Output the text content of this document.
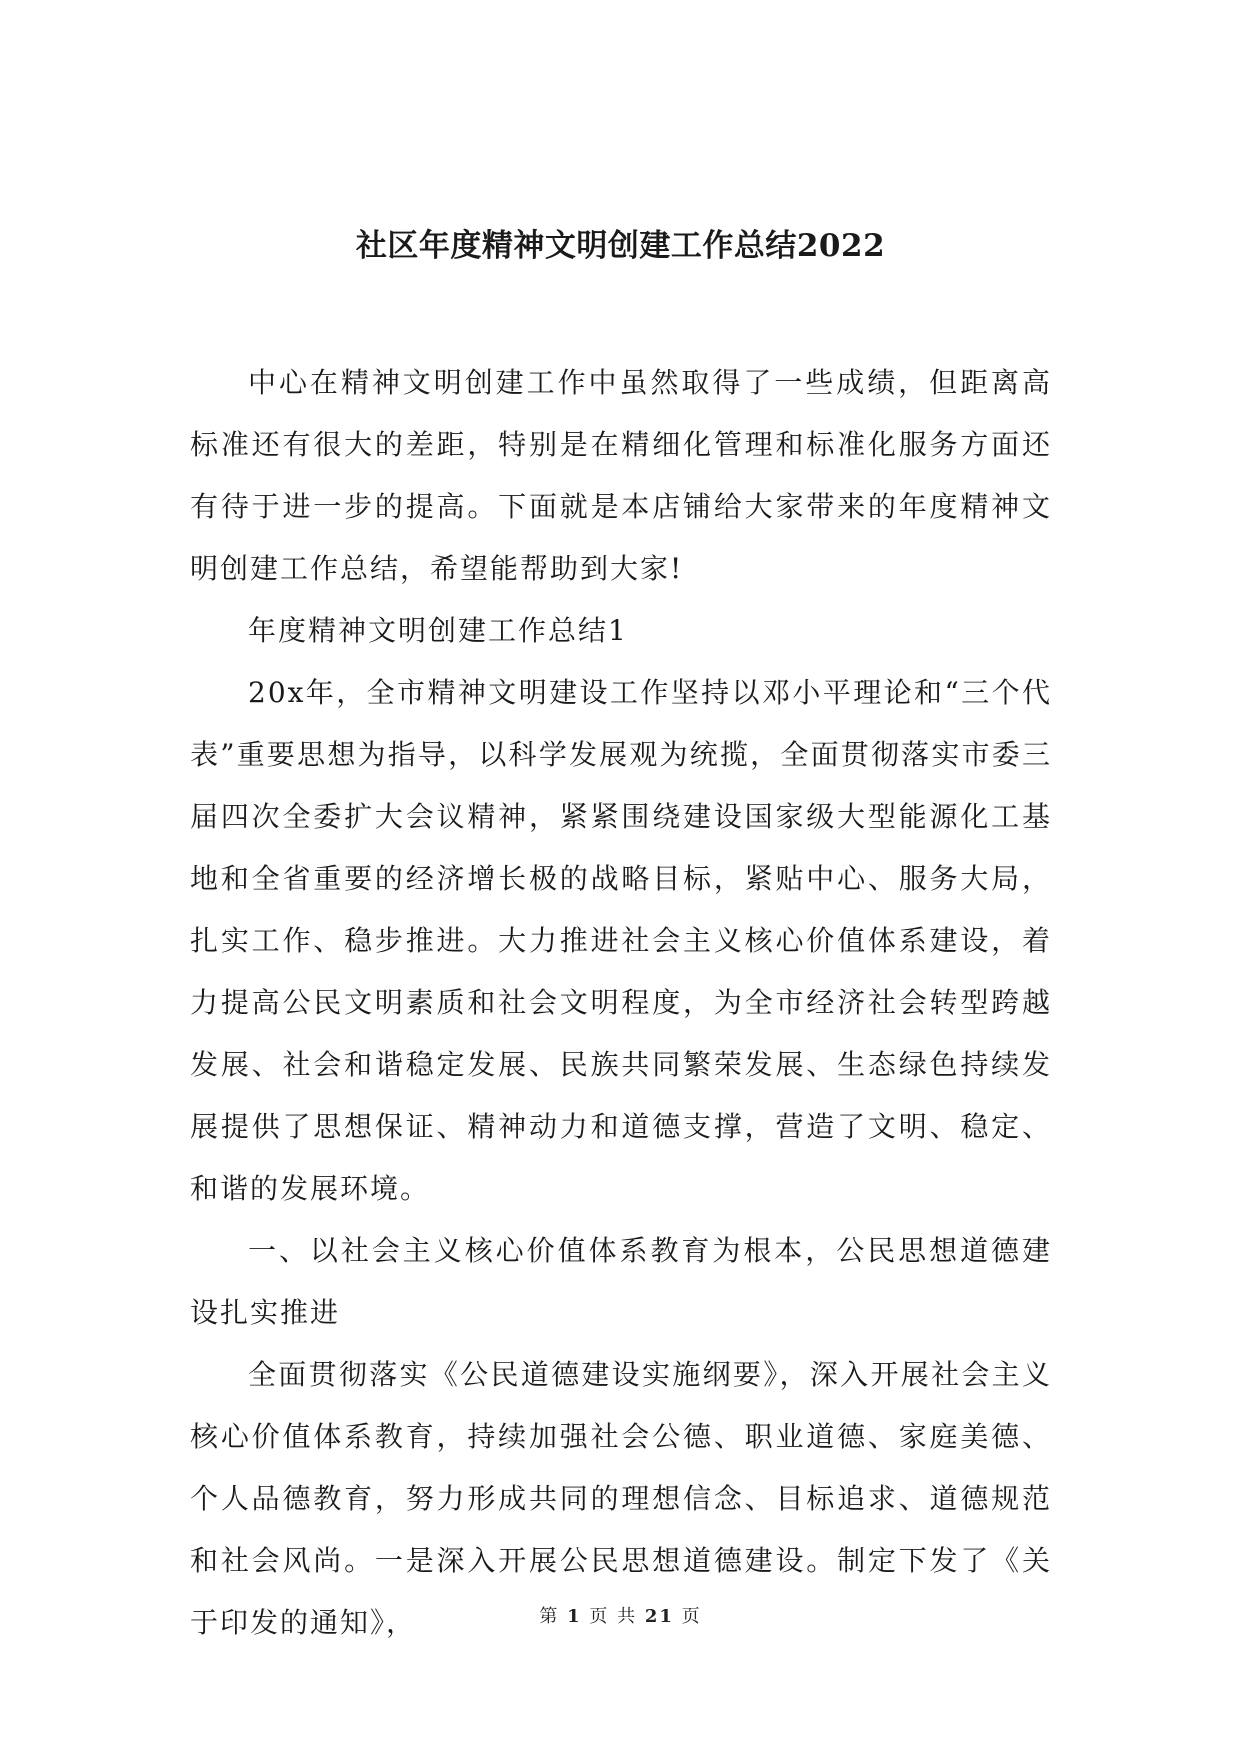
社区年度精神文明创建工作总结2022

中心在精神文明创建工作中虽然取得了一些成绩，但距离高标准还有很大的差距，特别是在精细化管理和标准化服务方面还有待于进一步的提高。下面就是本店铺给大家带来的年度精神文明创建工作总结，希望能帮助到大家!

年度精神文明创建工作总结1

20x年，全市精神文明建设工作坚持以邓小平理论和“三个代表”重要思想为指导，以科学发展观为统揽，全面贯彻落实市委三届四次全委扩大会议精神，紧紧围绕建设国家级大型能源化工基地和全省重要的经济增长极的战略目标，紧贴中心、服务大局，扎实工作、稳步推进。大力推进社会主义核心价值体系建设，着力提高公民文明素质和社会文明程度，为全市经济社会转型跨越发展、社会和谐稳定发展、民族共同繁荣发展、生态绿色持续发展提供了思想保证、精神动力和道德支撑，营造了文明、稳定、和谐的发展环境。

一、以社会主义核心价值体系教育为根本，公民思想道德建设扎实推进

全面贯彻落实《公民道德建设实施纲要》，深入开展社会主义核心价值体系教育，持续加强社会公德、职业道德、家庭美德、个人品德教育，努力形成共同的理想信念、目标追求、道德规范和社会风尚。一是深入开展公民思想道德建设。制定下发了《关于印发的通知》，	第 1 页 共 21 页
